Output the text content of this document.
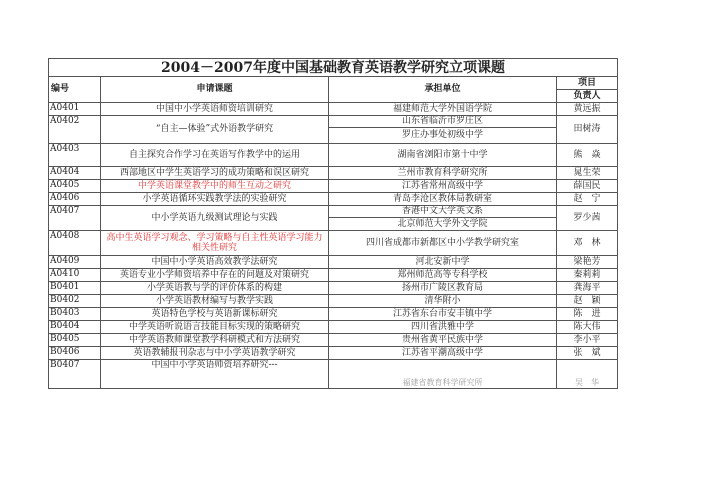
2004－2007年度中国基础教育英语教学研究立项课题			
编号	申请课题	承担单位	项目
			负责人
A0401	中国中小学英语师资培训研究	福建师范大学外国语学院	黄远振
A0402	“自主—体验”式外语教学研究	山东省临沂市罗庄区	田树涛
		罗庄办事处初级中学	
A0403	自主探究合作学习在英语写作教学中的运用	湖南省浏阳市第十中学	熊　焱
A0404	西部地区中学生英语学习的成功策略和误区研究	兰州市教育科学研究所	晁生荣
A0405	中学英语课堂教学中的师生互动之研究	江苏省常州高级中学	薛国民
A0406	小学英语循环实践教学法的实验研究	青岛李沧区教体局教研室	赵　宁
A0407	中小学英语九级测试理论与实践	香港中文大学英文系	罗少茜
		北京师范大学外文学院	
A0408	高中生英语学习观念、学习策略与自主性英语学习能力相关性研究	四川省成都市新都区中小学教学研究室	邓　林
A0409	中国中小学英语高效教学法研究	河北安新中学	梁艳芳
A0410	英语专业小学师资培养中存在的问题及对策研究	郑州师范高等专科学校	秦莉莉
B0401	小学英语教与学的评价体系的构建	扬州市广陵区教育局	龚海平
B0402	小学英语教材编写与教学实践	清华附小	赵　颖
B0403	英语特色学校与英语新课标研究	江苏省东台市安丰镇中学	陈　进
B0404	中学英语听说语言技能目标实现的策略研究	四川省洪雅中学	陈大伟
B0405	中学英语教师课堂教学科研模式和方法研究	贵州省黄平民族中学	李小平
B0406	英语教辅报刊杂志与中小学英语教学研究	江苏省平潮高级中学	张　斌
B0407	中国中小学英语师资培养研究---	福建省教育科学研究所	吴　华
